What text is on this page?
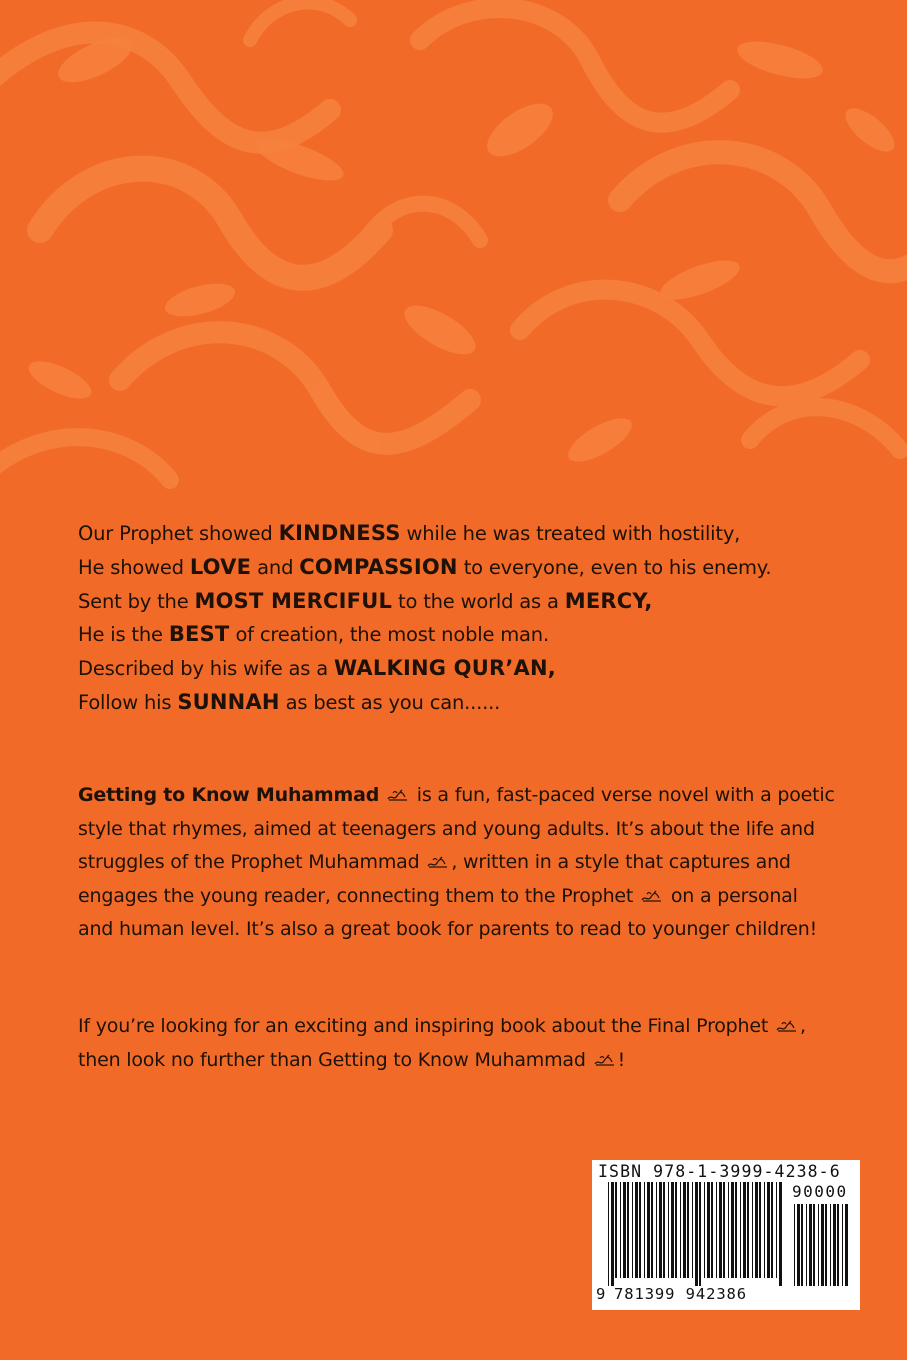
Our Prophet showed KINDNESS while he was treated with hostility,
He showed LOVE and COMPASSION to everyone, even to his enemy.
Sent by the MOST MERCIFUL to the world as a MERCY,
He is the BEST of creation, the most noble man.
Described by his wife as a WALKING QUR’AN,
Follow his SUNNAH as best as you can......
Getting to Know Muhammad  is a fun, fast-paced verse novel with a poetic
style that rhymes, aimed at teenagers and young adults. It’s about the life and
struggles of the Prophet Muhammad , written in a style that captures and
engages the young reader, connecting them to the Prophet  on a personal
and human level. It’s also a great book for parents to read to younger children!
If you’re looking for an exciting and inspiring book about the Final Prophet ,
then look no further than Getting to Know Muhammad !
ISBN 978-1-3999-4238-6
90000
9 781399 942386
